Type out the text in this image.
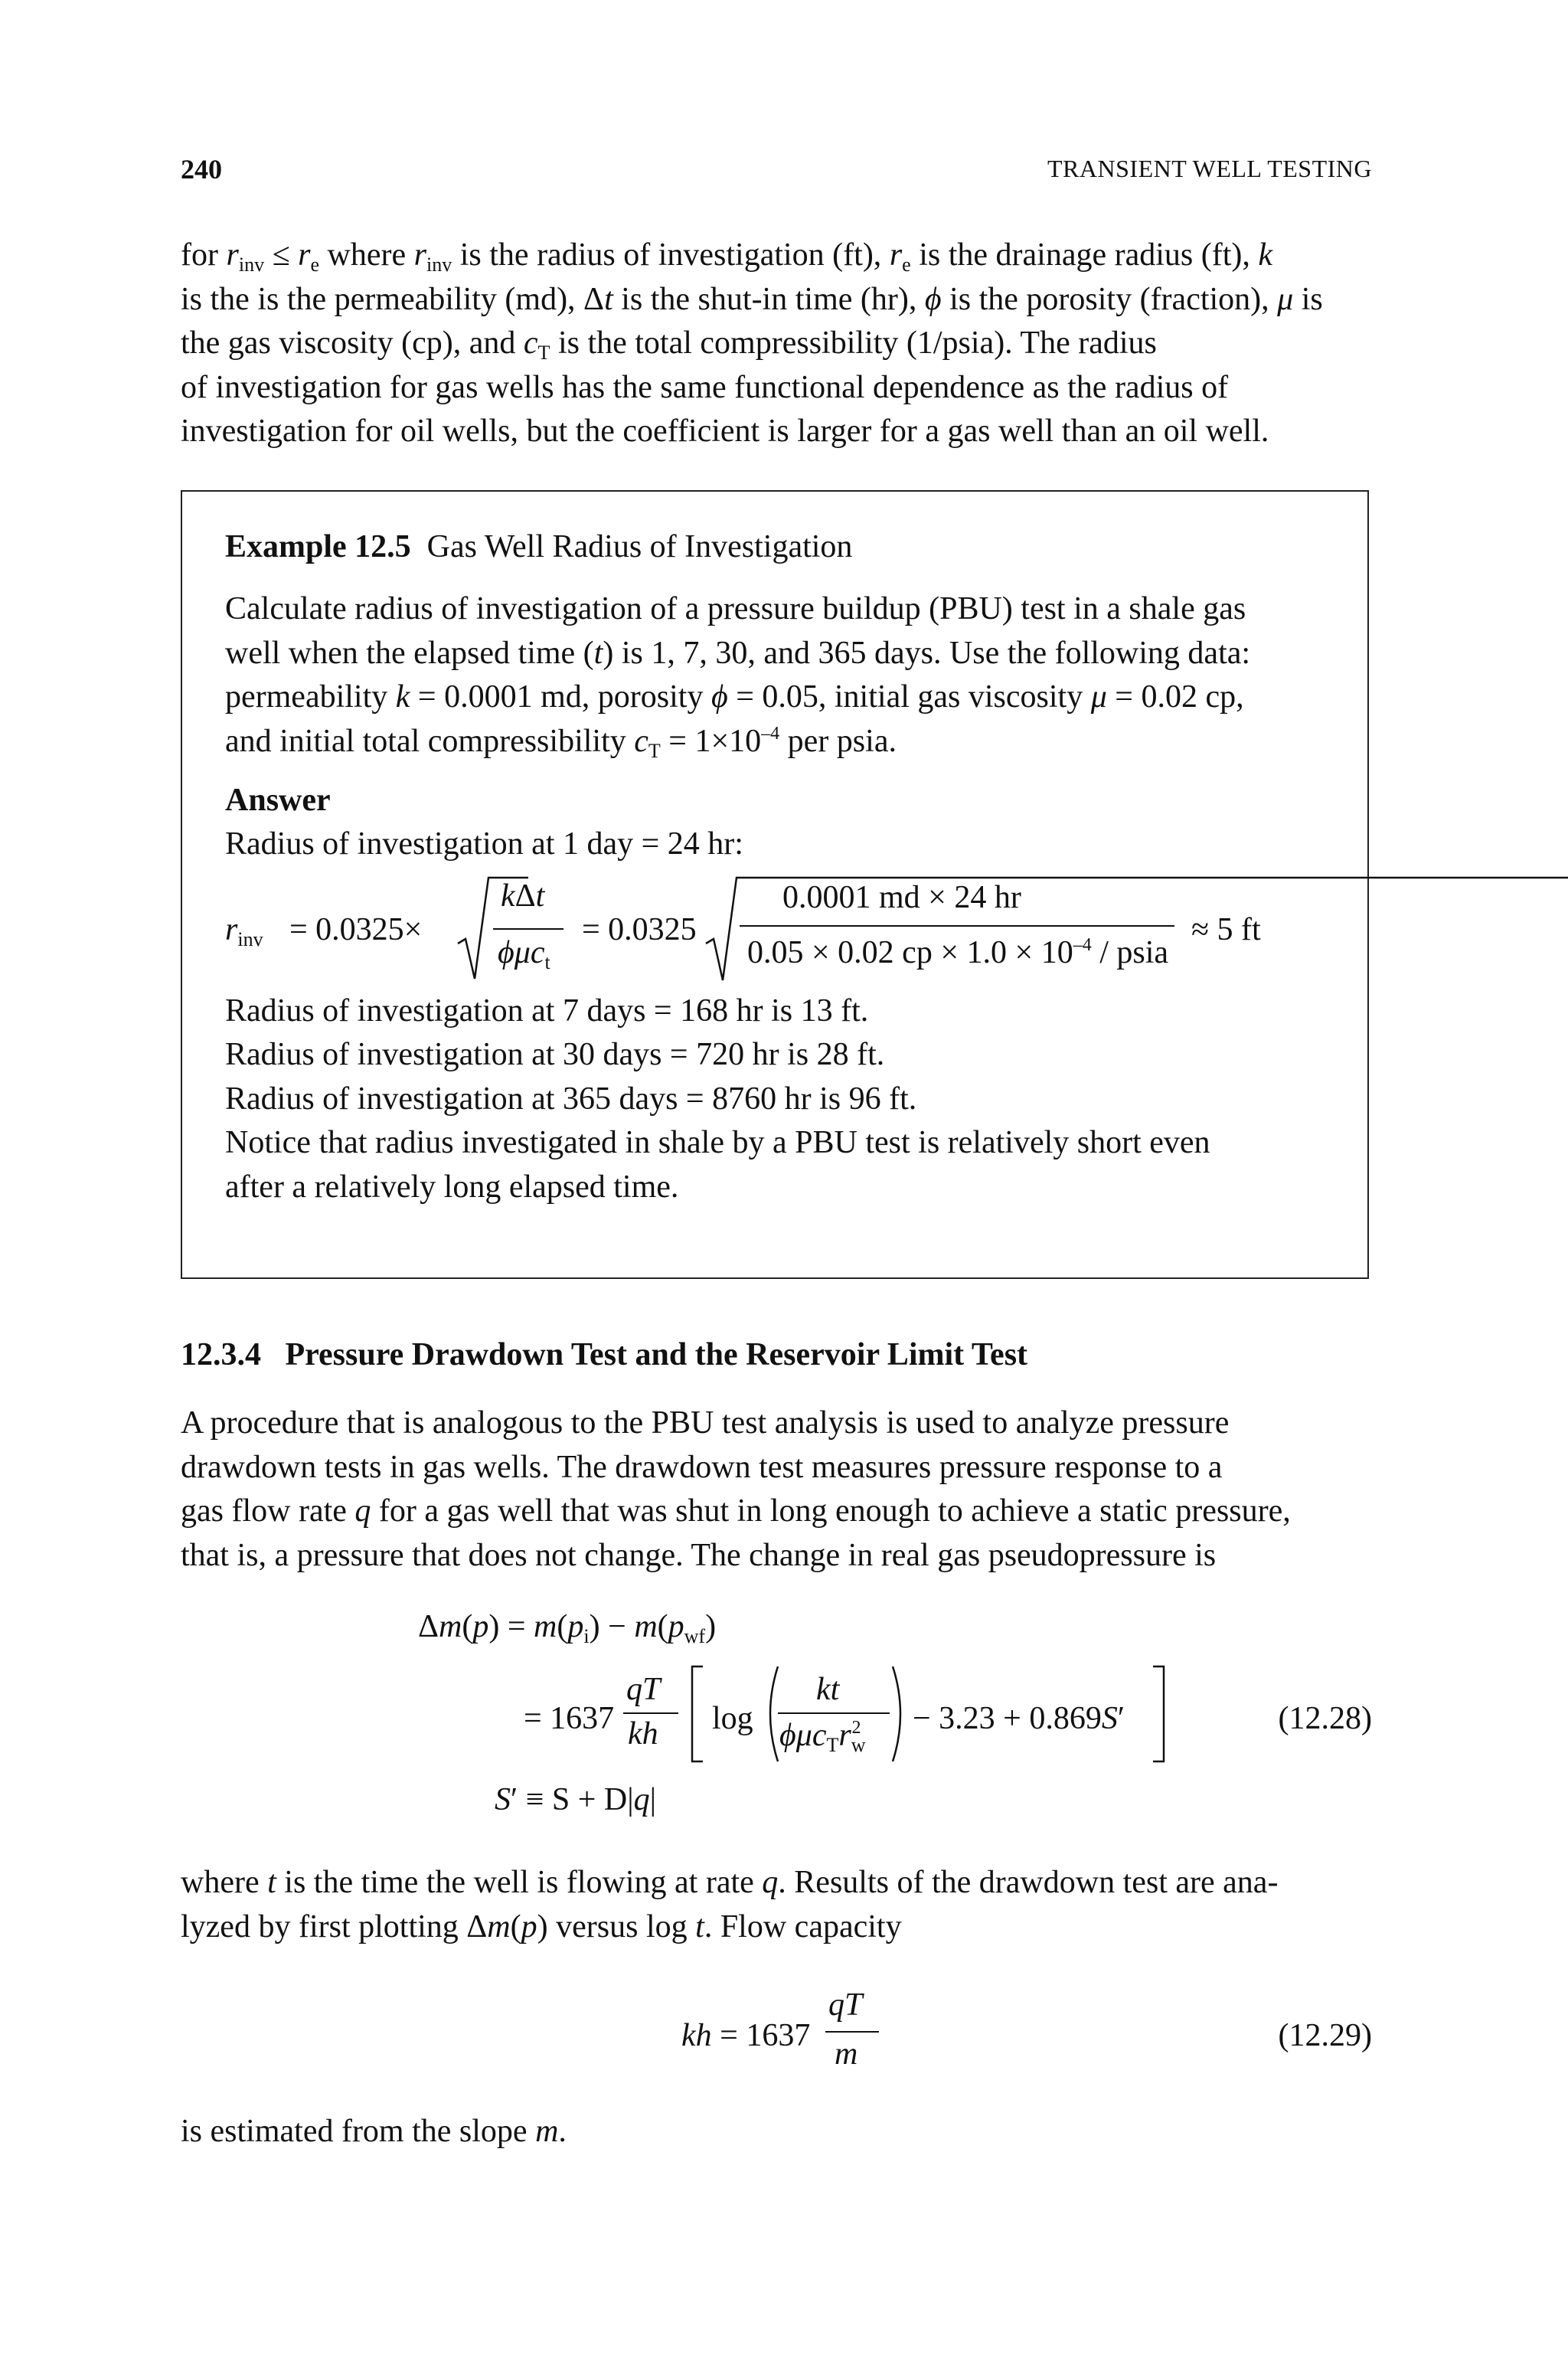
240	TRANSIENT WELL TESTING
for $r_{inv} \le r_e$ where $r_{inv}$ is the radius of investigation (ft), $r_e$ is the drainage radius (ft), k
is the is the permeability (md), Δt is the shut-in time (hr), ϕ is the porosity (fraction), μ is
the gas viscosity (cp), and $c_T$ is the total compressibility (1/psia). The radius
of investigation for gas wells has the same functional dependence as the radius of
investigation for oil wells, but the coefficient is larger for a gas well than an oil well.
Example 12.5 Gas Well Radius of Investigation
Calculate radius of investigation of a pressure buildup (PBU) test in a shale gas
well when the elapsed time (t) is 1, 7, 30, and 365 days. Use the following data:
permeability k = 0.0001 md, porosity ϕ = 0.05, initial gas viscosity μ = 0.02 cp,
and initial total compressibility $c_T = 1\times 10^{-4}$ per psia.
Answer
Radius of investigation at 1 day = 24 hr:
$r_{inv} = 0.0325\times$
kΔt
ϕμc$_t$
= 0.0325
0.0001 md × 24 hr
0.05 × 0.02 cp × $1.0 \times 10^{-4}$ / psia
≈ 5 ft
Radius of investigation at 7 days = 168 hr is 13 ft.
Radius of investigation at 30 days = 720 hr is 28 ft.
Radius of investigation at 365 days = 8760 hr is 96 ft.
Notice that radius investigated in shale by a PBU test is relatively short even
after a relatively long elapsed time.
12.3.4 Pressure Drawdown Test and the Reservoir Limit Test
A procedure that is analogous to the PBU test analysis is used to analyze pressure
drawdown tests in gas wells. The drawdown test measures pressure response to a
gas flow rate q for a gas well that was shut in long enough to achieve a static pressure,
that is, a pressure that does not change. The change in real gas pseudopressure is
$\Delta m(p) = m(p_i) - m(p_{wf})$
= 1637
qT
kh log
kt
$\phi\mu c_Tr_w^2 - 3.23 + 0.869S'$	(12.28)
S′ ≡ S + D|q|
where t is the time the well is flowing at rate q. Results of the drawdown test are ana-
lyzed by first plotting Δm(p) versus log t. Flow capacity
kh = 1637
qT
m
(12.29)
is estimated from the slope m.
